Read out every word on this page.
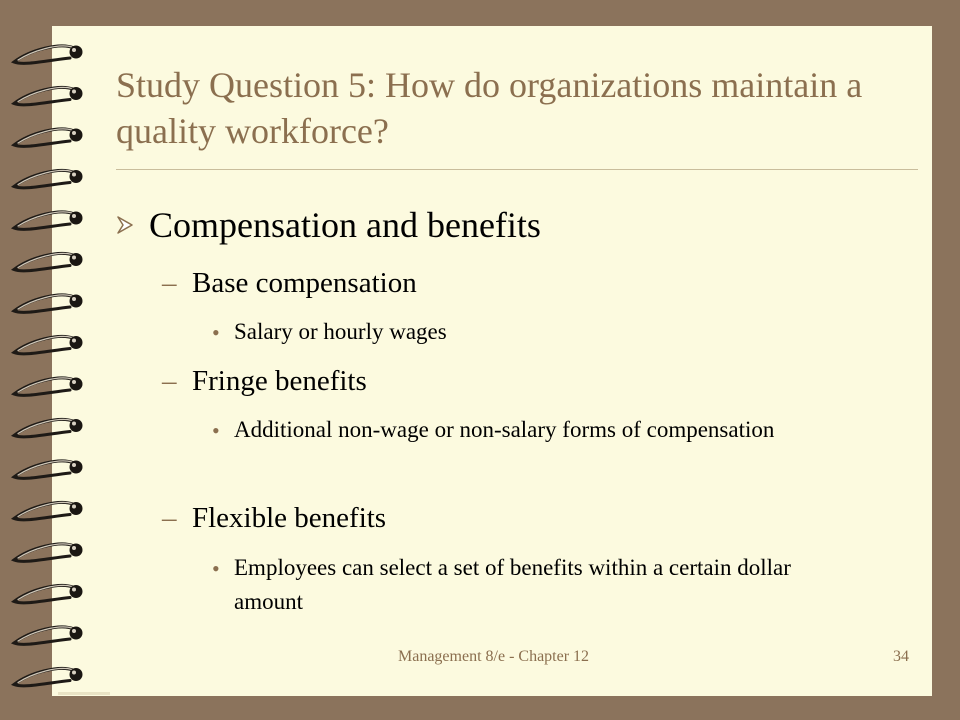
Study Question 5: How do organizations maintain a quality workforce?
Compensation and benefits
– Base compensation
• Salary or hourly wages
– Fringe benefits
• Additional non-wage or non-salary forms of compensation
– Flexible benefits
• Employees can select a set of benefits within a certain dollar amount
Management 8/e - Chapter 12	34
